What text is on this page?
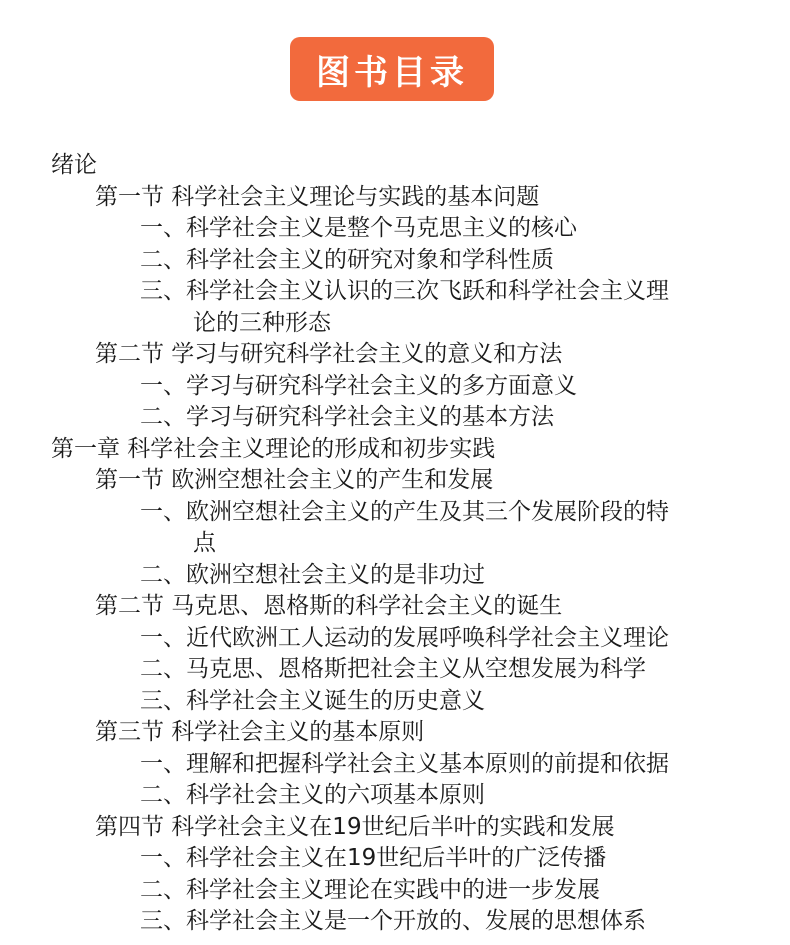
图书目录
绪论
第一节 科学社会主义理论与实践的基本问题
一、科学社会主义是整个马克思主义的核心
二、科学社会主义的研究对象和学科性质
三、科学社会主义认识的三次飞跃和科学社会主义理
论的三种形态
第二节 学习与研究科学社会主义的意义和方法
一、学习与研究科学社会主义的多方面意义
二、学习与研究科学社会主义的基本方法
第一章 科学社会主义理论的形成和初步实践
第一节 欧洲空想社会主义的产生和发展
一、欧洲空想社会主义的产生及其三个发展阶段的特
点
二、欧洲空想社会主义的是非功过
第二节 马克思、恩格斯的科学社会主义的诞生
一、近代欧洲工人运动的发展呼唤科学社会主义理论
二、马克思、恩格斯把社会主义从空想发展为科学
三、科学社会主义诞生的历史意义
第三节 科学社会主义的基本原则
一、理解和把握科学社会主义基本原则的前提和依据
二、科学社会主义的六项基本原则
第四节 科学社会主义在19世纪后半叶的实践和发展
一、科学社会主义在19世纪后半叶的广泛传播
二、科学社会主义理论在实践中的进一步发展
三、科学社会主义是一个开放的、发展的思想体系
